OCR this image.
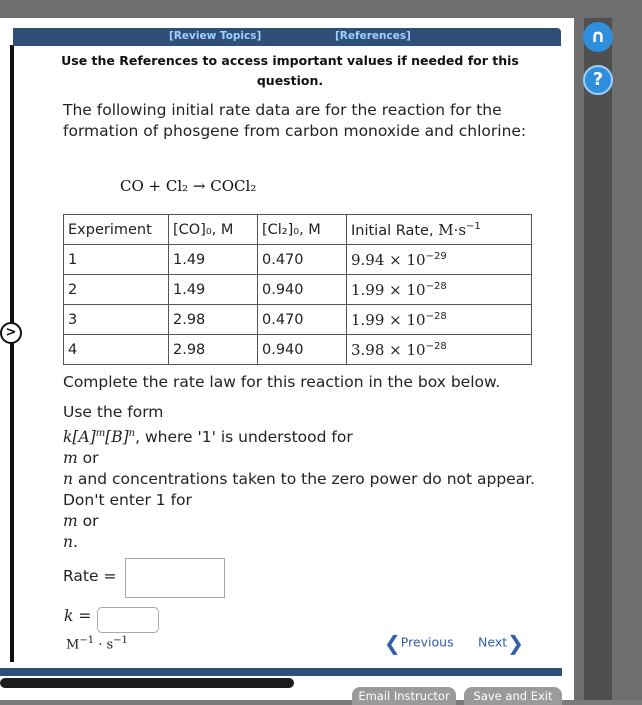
[Review Topics]	[References]
Use the References to access important values if needed for this question.
The following initial rate data are for the reaction for the formation of phosgene from carbon monoxide and chlorine:
CO + Cl₂ → COCl₂
Experiment	[CO]₀, M	[Cl₂]₀, M	Initial Rate, $M\cdot s^{-1}$
1	1.49	0.470	$9.94 \times 10^{-29}$
2	1.49	0.940	$1.99 \times 10^{-28}$
3	2.98	0.470	$1.99 \times 10^{-28}$
4	2.98	0.940	$3.98 \times 10^{-28}$
Complete the rate law for this reaction in the box below.
Use the form
$k[A]^m[B]^n$, where '1' is understood for
m or
n and concentrations taken to the zero power do not appear. Don't enter 1 for
m or
n.
Rate =
k =
$M^{-1} \cdot s^{-1}$	❮Previous Next❯
Email Instructor	Save and Exit
∩
?
>
